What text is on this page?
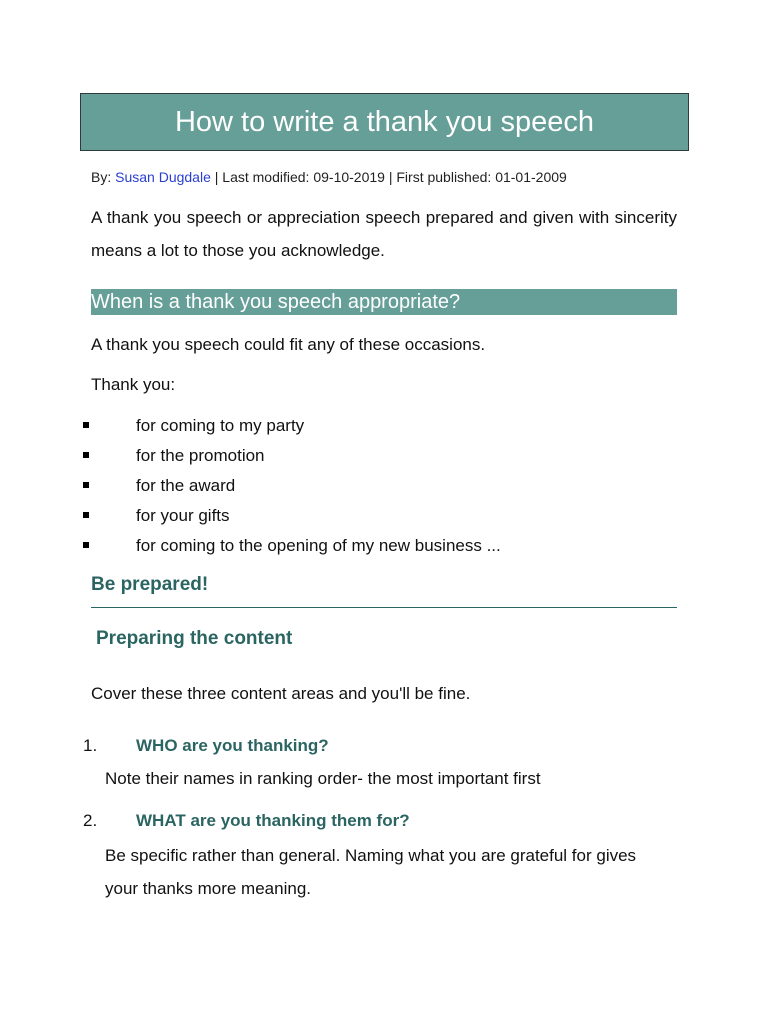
How to write a thank you speech
By: Susan Dugdale | Last modified: 09-10-2019 | First published: 01-01-2009
A thank you speech or appreciation speech prepared and given with sincerity means a lot to those you acknowledge.
When is a thank you speech appropriate?
A thank you speech could fit any of these occasions.
Thank you:
for coming to my party
for the promotion
for the award
for your gifts
for coming to the opening of my new business ...
Be prepared!
Preparing the content
Cover these three content areas and you'll be fine.
1. WHO are you thanking?
Note their names in ranking order- the most important first
2. WHAT are you thanking them for?
Be specific rather than general. Naming what you are grateful for gives your thanks more meaning.
